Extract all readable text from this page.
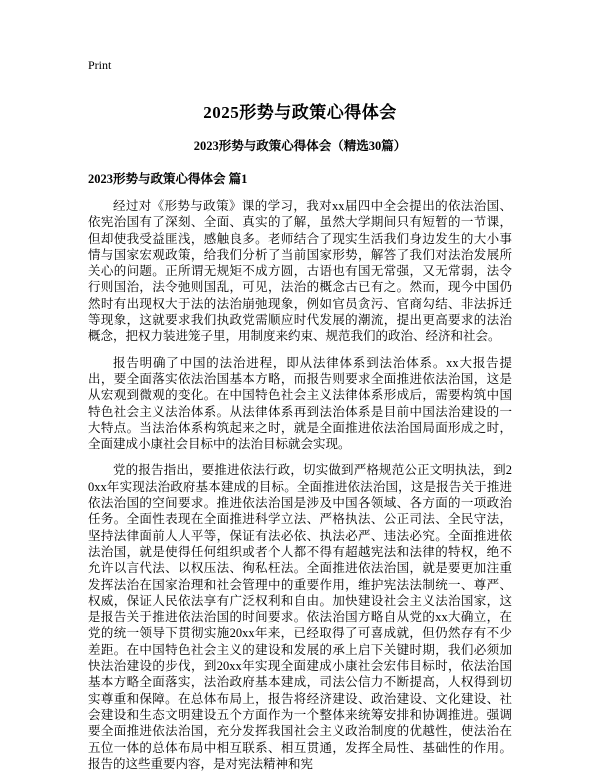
Print
2025形势与政策心得体会
2023形势与政策心得体会（精选30篇）
2023形势与政策心得体会 篇1

经过对《形势与政策》课的学习，我对xx届四中全会提出的依法治国、依宪治国有了深刻、全面、真实的了解，虽然大学期间只有短暂的一节课，但却使我受益匪浅，感触良多。老师结合了现实生活我们身边发生的大小事情与国家宏观政策，给我们分析了当前国家形势，解答了我们对法治发展所关心的问题。正所谓无规矩不成方圆，古语也有国无常强，又无常弱，法令行则国治，法令弛则国乱，可见，法治的概念古已有之。然而，现今中国仍然时有出现权大于法的法治崩弛现象，例如官员贪污、官商勾结、非法拆迁等现象，这就要求我们执政党需顺应时代发展的潮流，提出更高要求的法治概念，把权力装进笼子里，用制度来约束、规范我们的政治、经济和社会。

报告明确了中国的法治进程，即从法律体系到法治体系。xx大报告提出，要全面落实依法治国基本方略，而报告则要求全面推进依法治国，这是从宏观到微观的变化。在中国特色社会主义法律体系形成后，需要构筑中国特色社会主义法治体系。从法律体系再到法治体系是目前中国法治建设的一大特点。当法治体系构筑起来之时，就是全面推进依法治国局面形成之时，全面建成小康社会目标中的法治目标就会实现。

党的报告指出，要推进依法行政，切实做到严格规范公正文明执法，到20xx年实现法治政府基本建成的目标。全面推进依法治国，这是报告关于推进依法治国的空间要求。推进依法治国是涉及中国各领域、各方面的一项政治任务。全面性表现在全面推进科学立法、严格执法、公正司法、全民守法，坚持法律面前人人平等，保证有法必依、执法必严、违法必究。全面推进依法治国，就是使得任何组织或者个人都不得有超越宪法和法律的特权，绝不允许以言代法、以权压法、徇私枉法。全面推进依法治国，就是要更加注重发挥法治在国家治理和社会管理中的重要作用，维护宪法法制统一、尊严、权威，保证人民依法享有广泛权利和自由。加快建设社会主义法治国家，这是报告关于推进依法治国的时间要求。依法治国方略自从党的xx大确立，在党的统一领导下贯彻实施20xx年来，已经取得了可喜成就，但仍然存有不少差距。在中国特色社会主义的建设和发展的承上启下关键时期，我们必须加快法治建设的步伐，到20xx年实现全面建成小康社会宏伟目标时，依法治国基本方略全面落实，法治政府基本建成，司法公信力不断提高，人权得到切实尊重和保障。在总体布局上，报告将经济建设、政治建设、文化建设、社会建设和生态文明建设五个方面作为一个整体来统筹安排和协调推进。强调要全面推进依法治国，充分发挥我国社会主义政治制度的优越性，使法治在五位一体的总体布局中相互联系、相互贯通，发挥全局性、基础性的作用。报告的这些重要内容，是对宪法精神和宪
